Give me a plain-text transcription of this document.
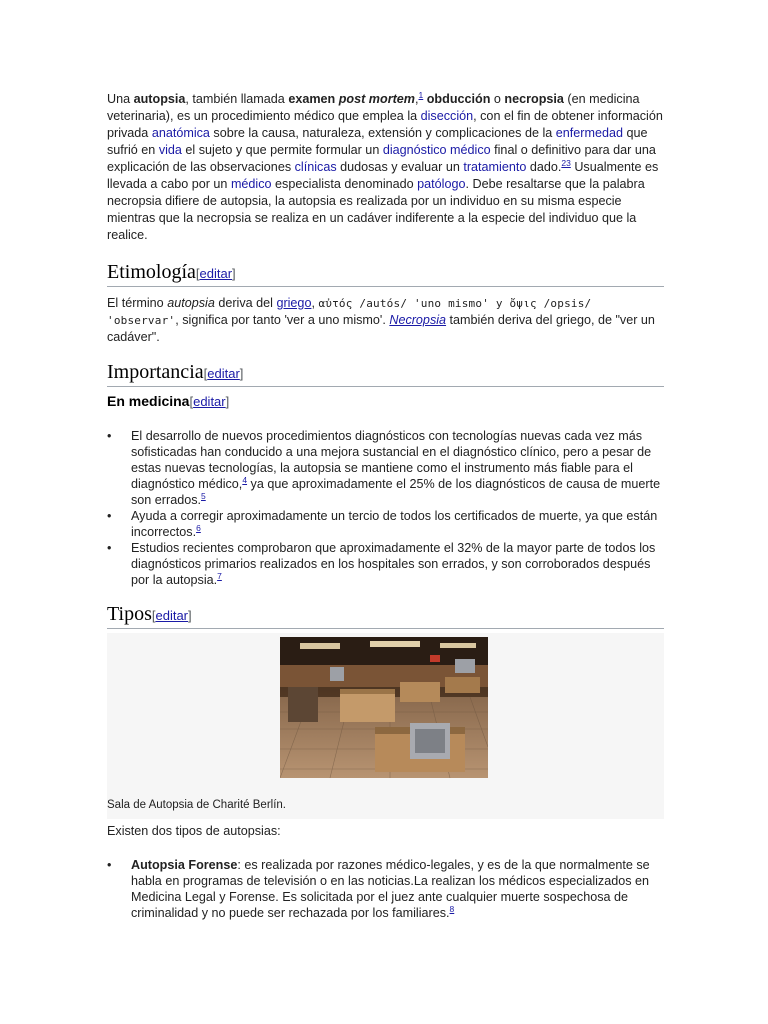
Una autopsia, también llamada examen post mortem,$^1$ obducción o necropsia (en medicina veterinaria), es un procedimiento médico que emplea la disección, con el fin de obtener información privada anatómica sobre la causa, naturaleza, extensión y complicaciones de la enfermedad que sufrió en vida el sujeto y que permite formular un diagnóstico médico final o definitivo para dar una explicación de las observaciones clínicas dudosas y evaluar un tratamiento dado.$^{23}$ Usualmente es llevada a cabo por un médico especialista denominado patólogo. Debe resaltarse que la palabra necropsia difiere de autopsia, la autopsia es realizada por un individuo en su misma especie mientras que la necropsia se realiza en un cadáver indiferente a la especie del individuo que la realice.

Etimología[editar]

El término autopsia deriva del griego, αὐτός /autós/ 'uno mismo' y ὄψις /opsis/ 'observar', significa por tanto 'ver a uno mismo'. Necropsia también deriva del griego, de "ver un cadáver".

Importancia[editar]
En medicina[editar]
• El desarrollo de nuevos procedimientos diagnósticos con tecnologías nuevas cada vez más sofisticadas han conducido a una mejora sustancial en el diagnóstico clínico, pero a pesar de estas nuevas tecnologías, la autopsia se mantiene como el instrumento más fiable para el diagnóstico médico,$^4$ ya que aproximadamente el 25% de los diagnósticos de causa de muerte son errados.$^5$
• Ayuda a corregir aproximadamente un tercio de todos los certificados de muerte, ya que están incorrectos.$^6$
• Estudios recientes comprobaron que aproximadamente el 32% de la mayor parte de todos los diagnósticos primarios realizados en los hospitales son errados, y son corroborados después por la autopsia.$^7$
Tipos[editar]
Sala de Autopsia de Charité Berlín.

Existen dos tipos de autopsias:

• Autopsia Forense: es realizada por razones médico-legales, y es de la que normalmente se habla en programas de televisión o en las noticias.La realizan los médicos especializados en Medicina Legal y Forense. Es solicitada por el juez ante cualquier muerte sospechosa de criminalidad y no puede ser rechazada por los familiares.$^8$
